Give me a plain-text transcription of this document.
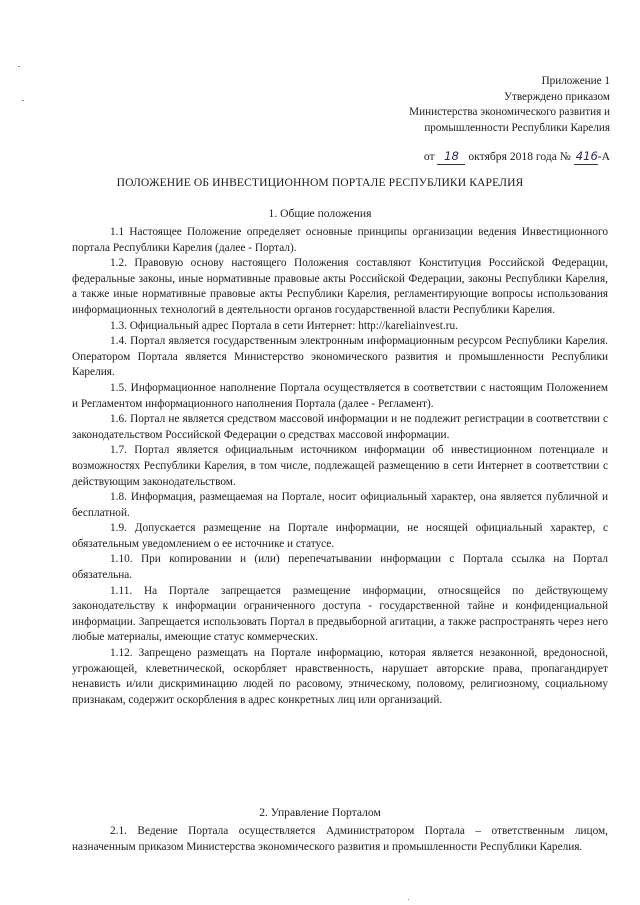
Приложение 1
Утверждено приказом
Министерства экономического развития и
промышленности Республики Карелия
от 18 октября 2018 года № 416-А
ПОЛОЖЕНИЕ ОБ ИНВЕСТИЦИОННОМ ПОРТАЛЕ РЕСПУБЛИКИ КАРЕЛИЯ
1. Общие положения

1.1 Настоящее Положение определяет основные принципы организации ведения Инвестиционного портала Республики Карелия (далее - Портал).

1.2. Правовую основу настоящего Положения составляют Конституция Российской Федерации, федеральные законы, иные нормативные правовые акты Российской Федерации, законы Республики Карелия, а также иные нормативные правовые акты Республики Карелия, регламентирующие вопросы использования информационных технологий в деятельности органов государственной власти Республики Карелия.

1.3. Официальный адрес Портала в сети Интернет: http://kareliainvest.ru.

1.4. Портал является государственным электронным информационным ресурсом Республики Карелия. Оператором Портала является Министерство экономического развития и промышленности Республики Карелия.

1.5. Информационное наполнение Портала осуществляется в соответствии с настоящим Положением и Регламентом информационного наполнения Портала (далее - Регламент).

1.6. Портал не является средством массовой информации и не подлежит регистрации в соответствии с законодательством Российской Федерации о средствах массовой информации.

1.7. Портал является официальным источником информации об инвестиционном потенциале и возможностях Республики Карелия, в том числе, подлежащей размещению в сети Интернет в соответствии с действующим законодательством.

1.8. Информация, размещаемая на Портале, носит официальный характер, она является публичной и бесплатной.

1.9. Допускается размещение на Портале информации, не носящей официальный характер, с обязательным уведомлением о ее источнике и статусе.

1.10. При копировании и (или) перепечатывании информации с Портала ссылка на Портал обязательна.

1.11. На Портале запрещается размещение информации, относящейся по действующему законодательству к информации ограниченного доступа - государственной тайне и конфиденциальной информации. Запрещается использовать Портал в предвыборной агитации, а также распространять через него любые материалы, имеющие статус коммерческих.

1.12. Запрещено размещать на Портале информацию, которая является незаконной, вредоносной, угрожающей, клеветнической, оскорбляет нравственность, нарушает авторские права, пропагандирует ненависть и/или дискриминацию людей по расовому, этническому, половому, религиозному, социальному признакам, содержит оскорбления в адрес конкретных лиц или организаций.

2. Управление Порталом

2.1. Ведение Портала осуществляется Администратором Портала – ответственным лицом, назначенным приказом Министерства экономического развития и промышленности Республики Карелия.
